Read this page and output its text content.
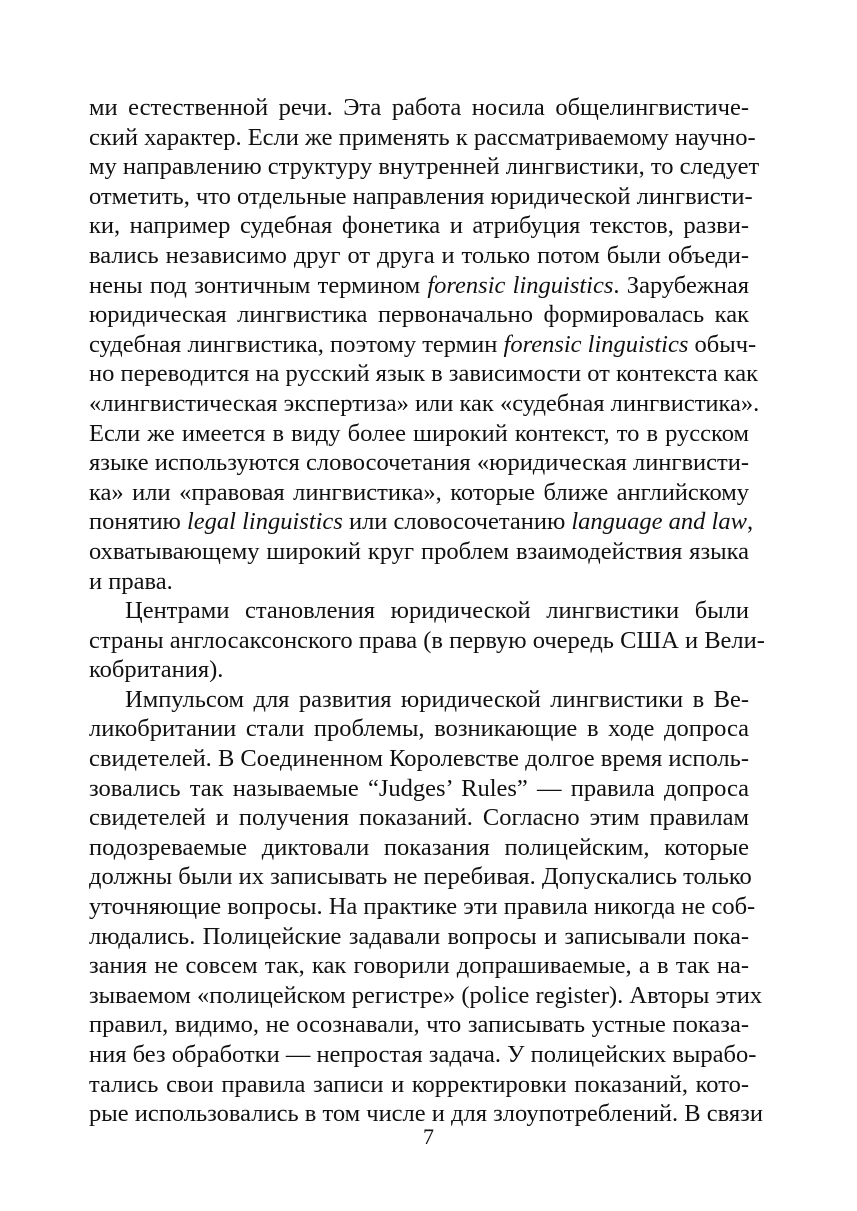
ми естественной речи. Эта работа носила общелингвистиче-
ский характер. Если же применять к рассматриваемому научно-
му направлению структуру внутренней лингвистики, то следует
отметить, что отдельные направления юридической лингвисти-
ки, например судебная фонетика и атрибуция текстов, разви-
вались независимо друг от друга и только потом были объеди-
нены под зонтичным термином forensic linguistics. Зарубежная
юридическая лингвистика первоначально формировалась как
судебная лингвистика, поэтому термин forensic linguistics обыч-
но переводится на русский язык в зависимости от контекста как
«лингвистическая экспертиза» или как «судебная лингвистика».
Если же имеется в виду более широкий контекст, то в русском
языке используются словосочетания «юридическая лингвисти-
ка» или «правовая лингвистика», которые ближе английскому
понятию legal linguistics или словосочетанию language and law,
охватывающему широкий круг проблем взаимодействия языка
и права.
Центрами становления юридической лингвистики были
страны англосаксонского права (в первую очередь США и Вели-
кобритания).
Импульсом для развития юридической лингвистики в Ве-
ликобритании стали проблемы, возникающие в ходе допроса
свидетелей. В Соединенном Королевстве долгое время исполь-
зовались так называемые “Judges’ Rules” — правила допроса
свидетелей и получения показаний. Согласно этим правилам
подозреваемые диктовали показания полицейским, которые
должны были их записывать не перебивая. Допускались только
уточняющие вопросы. На практике эти правила никогда не соб-
людались. Полицейские задавали вопросы и записывали пока-
зания не совсем так, как говорили допрашиваемые, а в так на-
зываемом «полицейском регистре» (police register). Авторы этих
правил, видимо, не осознавали, что записывать устные показа-
ния без обработки — непростая задача. У полицейских вырабо-
тались свои правила записи и корректировки показаний, кото-
рые использовались в том числе и для злоупотреблений. В связи
7
